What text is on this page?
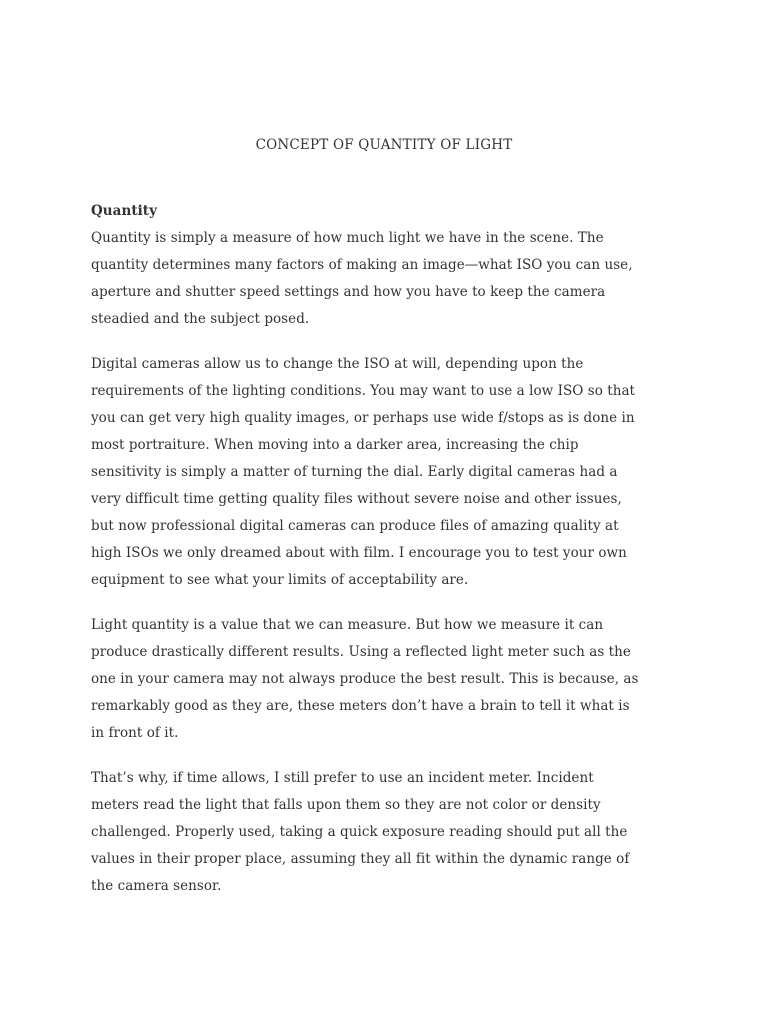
CONCEPT OF QUANTITY OF LIGHT

Quantity

Quantity is simply a measure of how much light we have in the scene. The
quantity determines many factors of making an image—what ISO you can use,
aperture and shutter speed settings and how you have to keep the camera
steadied and the subject posed.

Digital cameras allow us to change the ISO at will, depending upon the
requirements of the lighting conditions. You may want to use a low ISO so that
you can get very high quality images, or perhaps use wide f/stops as is done in
most portraiture. When moving into a darker area, increasing the chip
sensitivity is simply a matter of turning the dial. Early digital cameras had a
very difficult time getting quality files without severe noise and other issues,
but now professional digital cameras can produce files of amazing quality at
high ISOs we only dreamed about with film. I encourage you to test your own
equipment to see what your limits of acceptability are.

Light quantity is a value that we can measure. But how we measure it can
produce drastically different results. Using a reflected light meter such as the
one in your camera may not always produce the best result. This is because, as
remarkably good as they are, these meters don’t have a brain to tell it what is
in front of it.

That’s why, if time allows, I still prefer to use an incident meter. Incident
meters read the light that falls upon them so they are not color or density
challenged. Properly used, taking a quick exposure reading should put all the
values in their proper place, assuming they all fit within the dynamic range of
the camera sensor.
